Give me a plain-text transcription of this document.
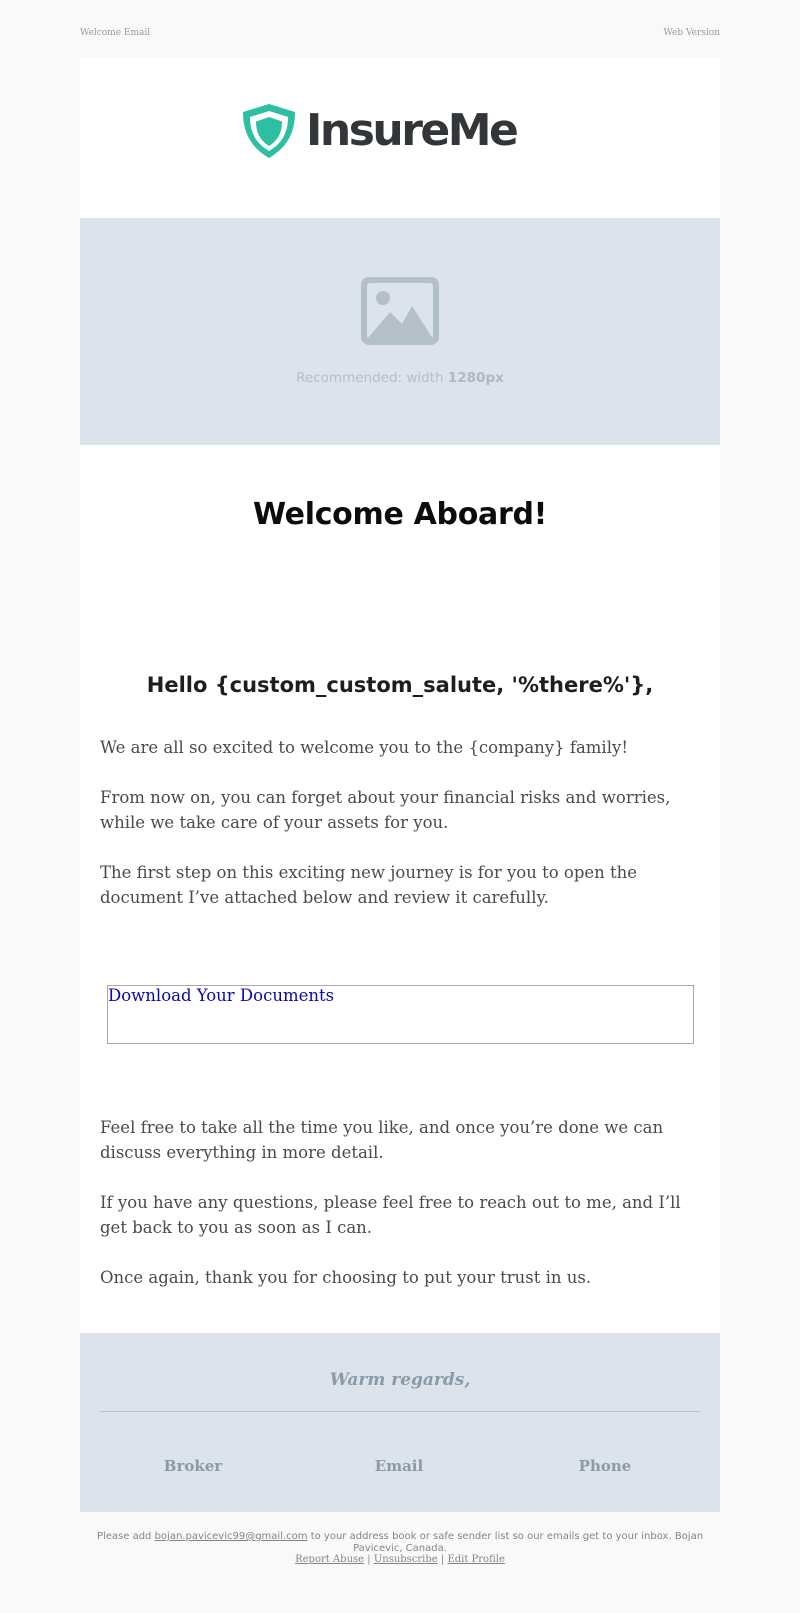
Welcome Email	Web Version
InsureMe
Recommended: width 1280px
Welcome Aboard!
Hello {custom_custom_salute, '%there%'},

We are all so excited to welcome you to the {company} family!

From now on, you can forget about your financial risks and worries, while we take care of your assets for you.

The first step on this exciting new journey is for you to open the document I’ve attached below and review it carefully.

Download Your Documents

Feel free to take all the time you like, and once you’re done we can discuss everything in more detail.

If you have any questions, please feel free to reach out to me, and I’ll get back to you as soon as I can.

Once again, thank you for choosing to put your trust in us.

Warm regards,
Broker	Email	Phone
Please add bojan.pavicevic99@gmail.com to your address book or safe sender list so our emails get to your inbox. Bojan Pavicevic, Canada.
Report Abuse | Unsubscribe | Edit Profile
